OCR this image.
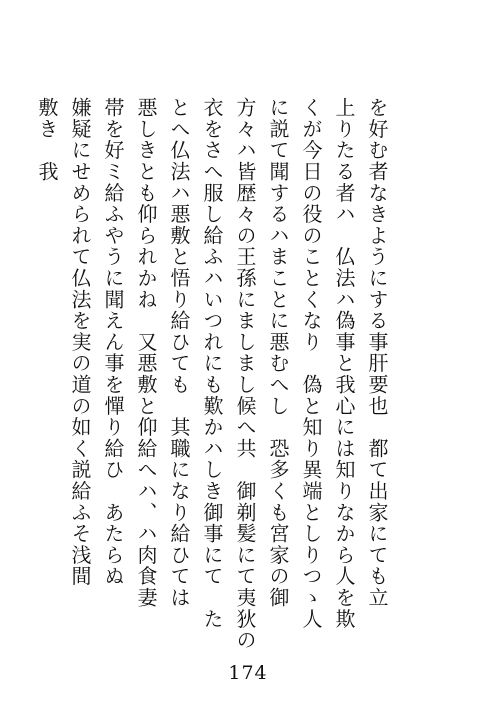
を好む者なきようにする事肝要也　都て出家にても立
上りたる者ハ　仏法ハ偽事と我心には知りなから人を欺
くが今日の役のことくなり　偽と知り異端としりつゝ人
に説て聞するハまことに悪むへし　恐多くも宮家の御
方々ハ皆歴々の王孫にましまし候へ共　御剃髪にて夷狄の
衣をさへ服し給ふハいつれにも歎かハしき御事にて　た
とへ仏法ハ悪敷と悟り給ひても　其職になり給ひては
悪しきとも仰られかね　又悪敷と仰給へハ、ハ肉食妻
帯を好ミ給ふやうに聞えん事を憚り給ひ　あたらぬ
嫌疑にせめられて仏法を実の道の如く説給ふそ浅間
敷き　我
174
